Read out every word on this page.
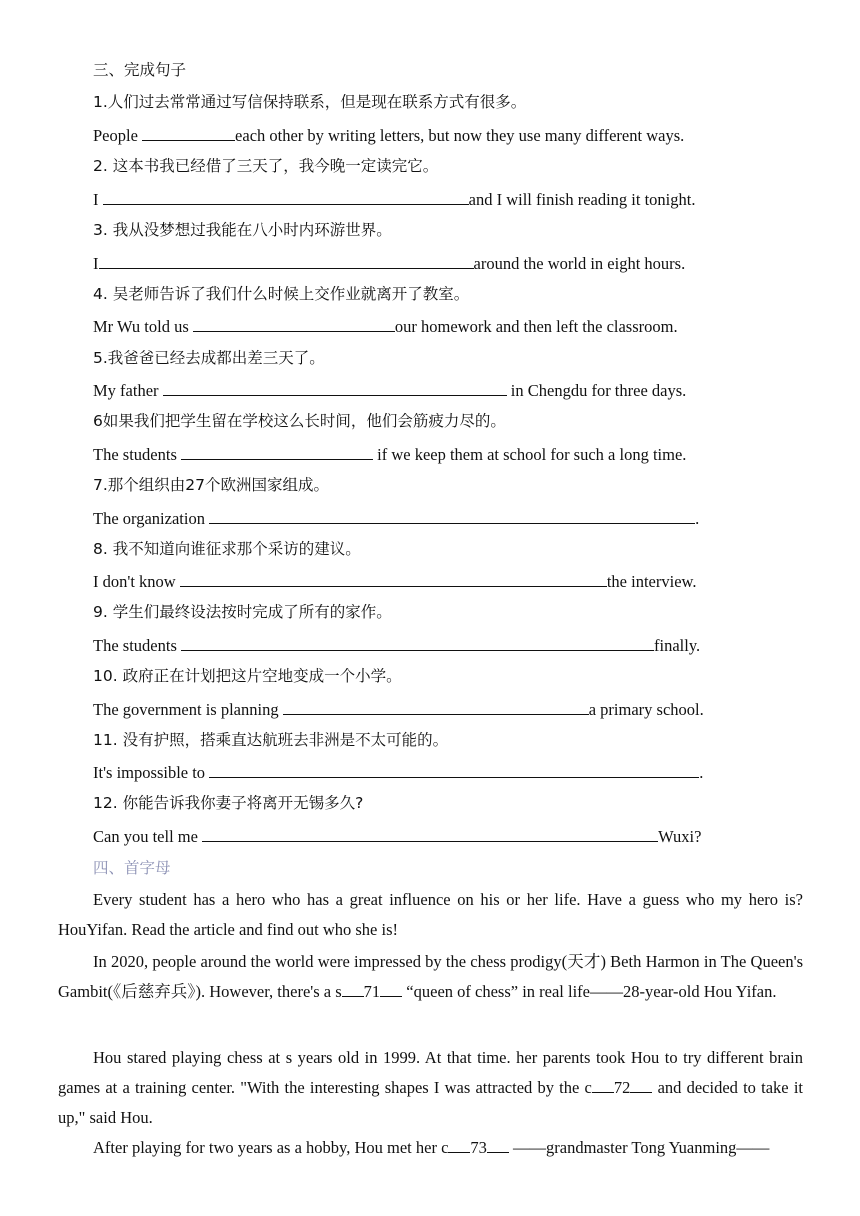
三、完成句子
1.人们过去常常通过写信保持联系，但是现在联系方式有很多。
People	each other by writing letters, but now they use many different ways.
2. 这本书我已经借了三天了，我今晚一定读完它。
I	and I will finish reading it tonight.
3. 我从没梦想过我能在八小时内环游世界。
I	around the world in eight hours.
4. 吴老师告诉了我们什么时候上交作业就离开了教室。
Mr Wu told us	our homework and then left the classroom.
5.我爸爸已经去成都出差三天了。
My father	in Chengdu for three days.
6如果我们把学生留在学校这么长时间，他们会筋疲力尽的。
The students	if we keep them at school for such a long time.
7.那个组织由27个欧洲国家组成。
The organization	.
8. 我不知道向谁征求那个采访的建议。
I don't know	the interview.
9. 学生们最终设法按时完成了所有的家作。
The students	finally.
10. 政府正在计划把这片空地变成一个小学。
The government is planning	a primary school.
11. 没有护照，搭乘直达航班去非洲是不太可能的。
It's impossible to	.
12. 你能告诉我你妻子将离开无锡多久?
Can you tell me	Wuxi?
四、首字母
Every student has a hero who has a great influence on his or her life. Have a guess who my hero is? HouYifan. Read the article and find out who she is!
In 2020, people around the world were impressed by the chess prodigy(天才) Beth Harmon in The Queen's Gambit(《后慈弃兵》). However, there's a s 71 “queen of chess” in real life——28-year-old Hou Yifan.
Hou stared playing chess at s years old in 1999. At that time. her parents took Hou to try different brain games at a training center. "With the interesting shapes I was attracted by the c 72 and decided to take it up," said Hou.
After playing for two years as a hobby, Hou met her c 73 ——grandmaster Tong Yuanming——
